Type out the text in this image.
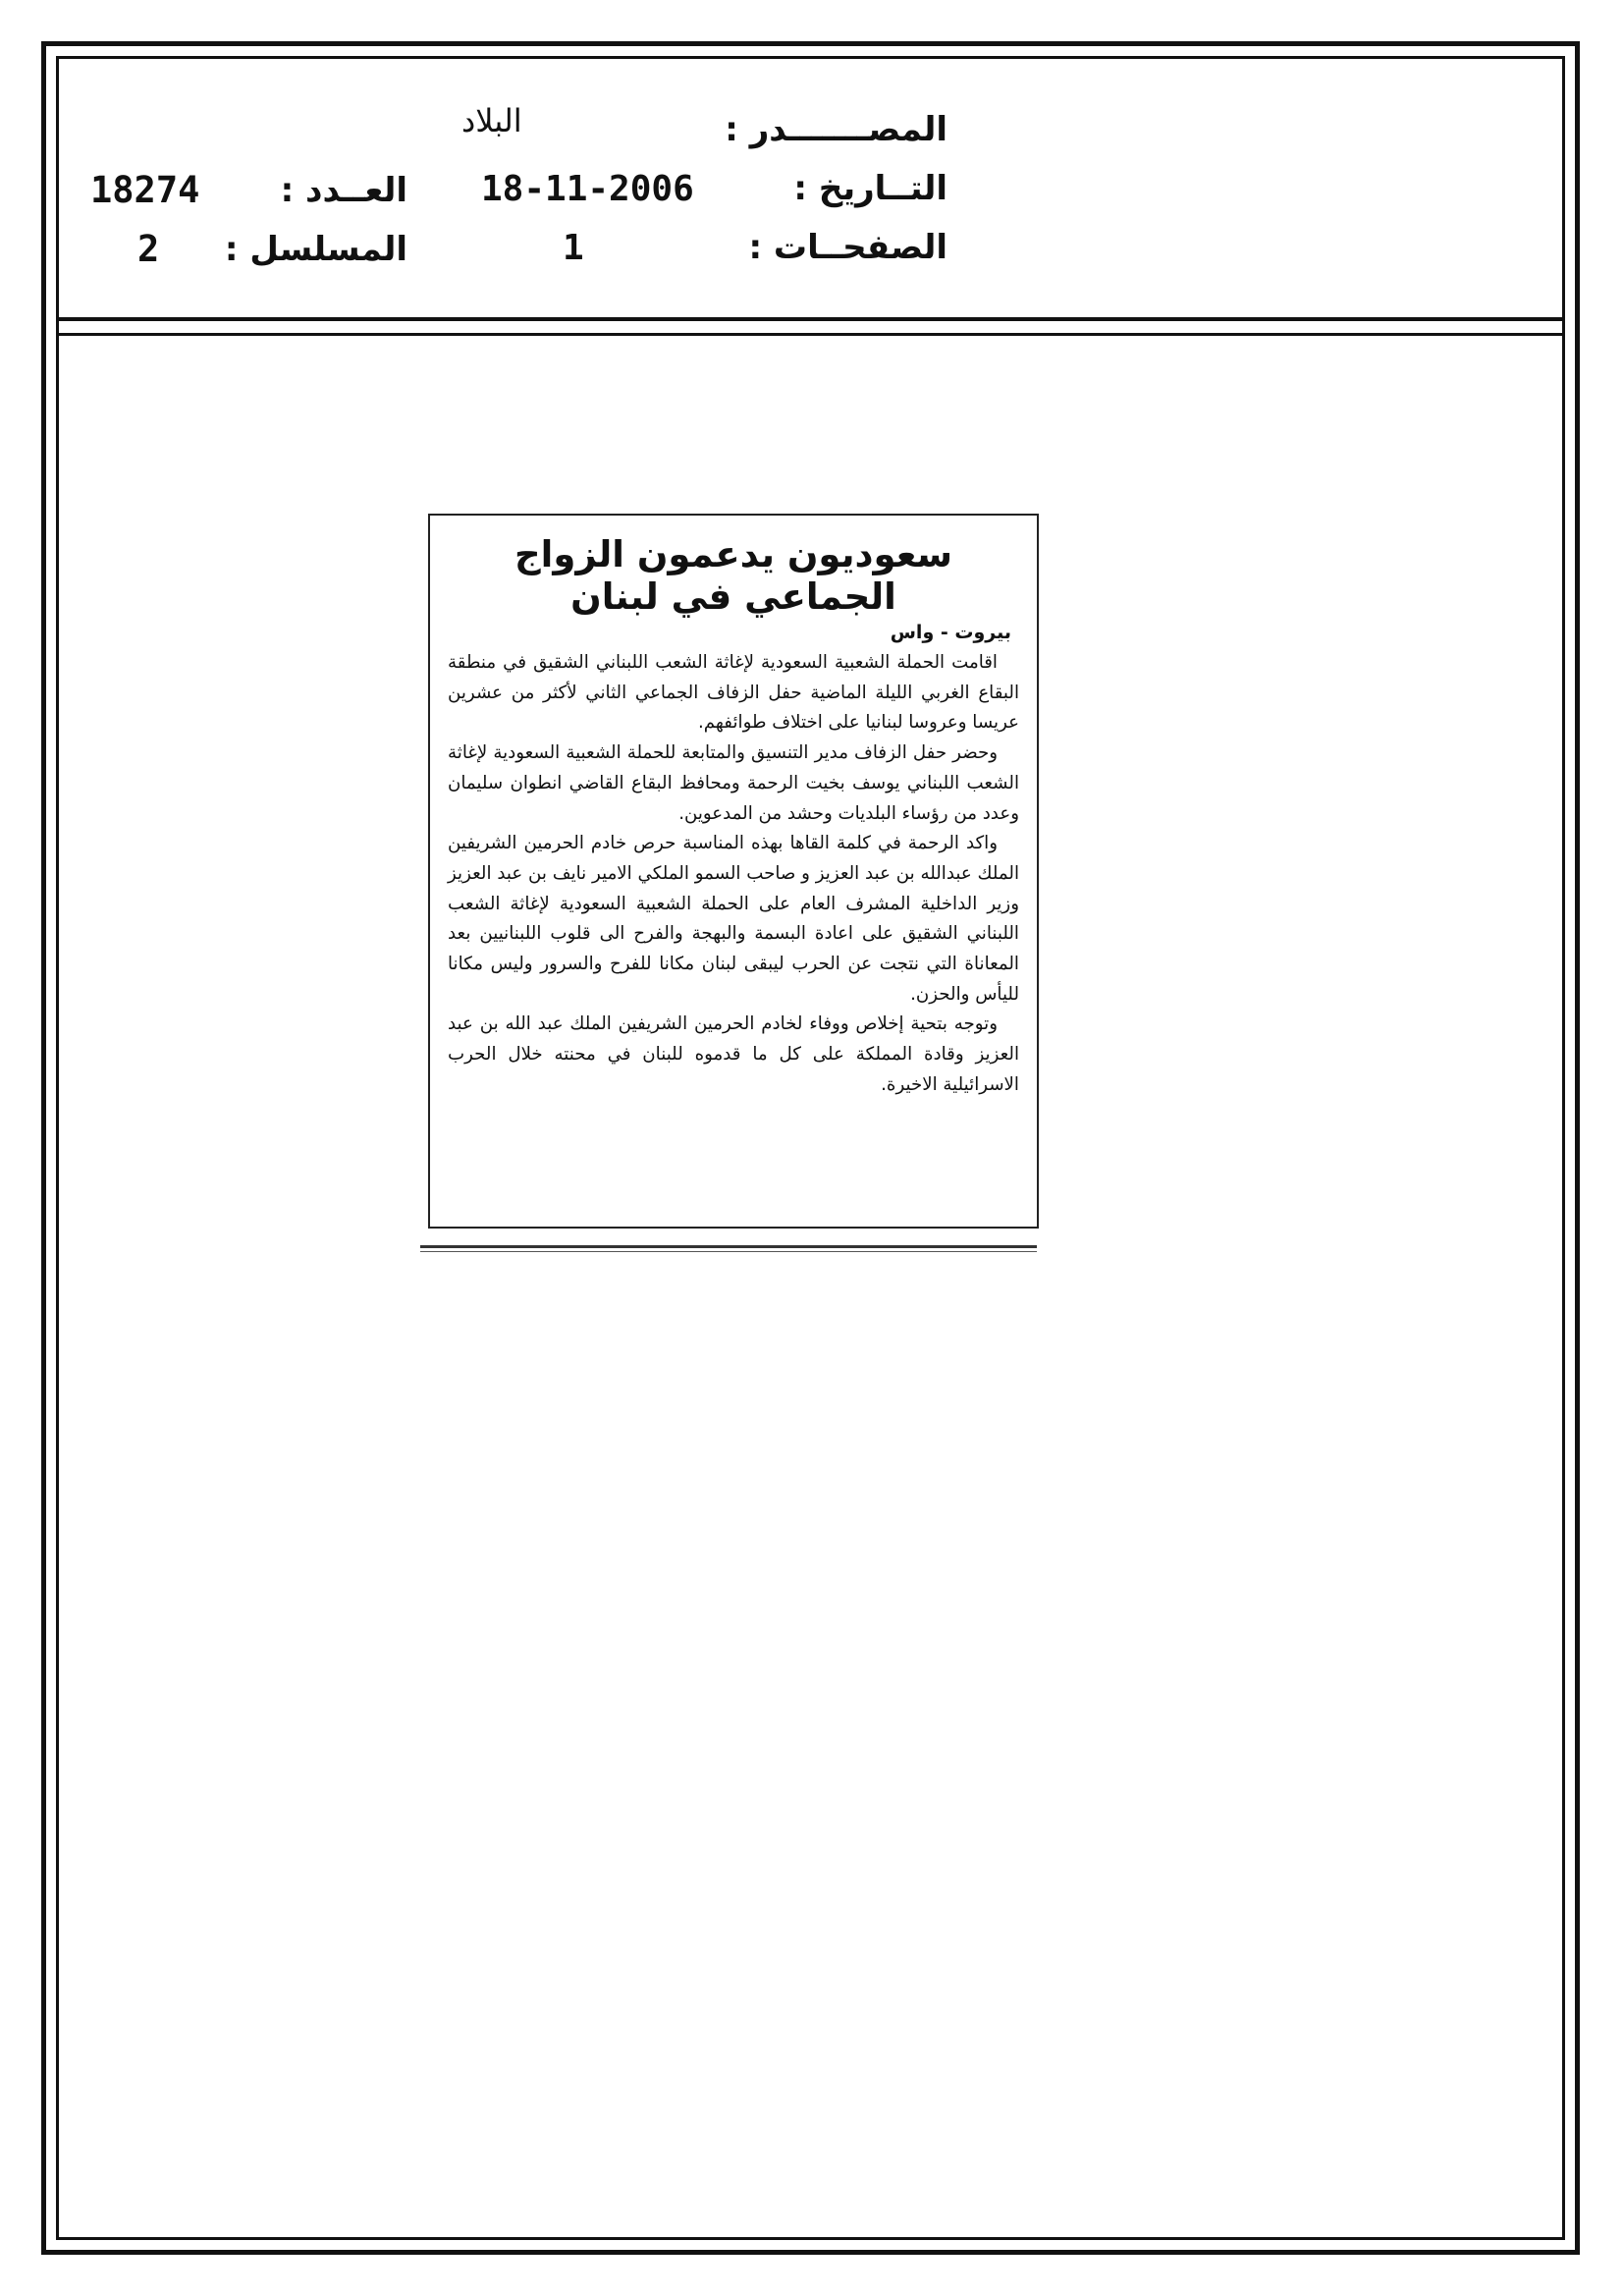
المصـــــــدر :
البلاد
التــاريخ :
18-11-2006
العــدد :
18274
الصفحــات :
1
المسلسل :
2
سعوديون يدعمون الزواج الجماعي في لبنان
بيروت - واس

اقامت الحملة الشعبية السعودية لإغاثة الشعب اللبناني الشقيق في منطقة البقاع الغربي الليلة الماضية حفل الزفاف الجماعي الثاني لأكثر من عشرين عريسا وعروسا لبنانيا على اختلاف طوائفهم.

وحضر حفل الزفاف مدير التنسيق والمتابعة للحملة الشعبية السعودية لإغاثة الشعب اللبناني يوسف بخيت الرحمة ومحافظ البقاع القاضي انطوان سليمان وعدد من رؤساء البلديات وحشد من المدعوين.

واكد الرحمة في كلمة القاها بهذه المناسبة حرص خادم الحرمين الشريفين الملك عبدالله بن عبد العزيز و صاحب السمو الملكي الامير نايف بن عبد العزيز وزير الداخلية المشرف العام على الحملة الشعبية السعودية لإغاثة الشعب اللبناني الشقيق على اعادة البسمة والبهجة والفرح الى قلوب اللبنانيين بعد المعاناة التي نتجت عن الحرب ليبقى لبنان مكانا للفرح والسرور وليس مكانا لليأس والحزن.

وتوجه بتحية إخلاص ووفاء لخادم الحرمين الشريفين الملك عبد الله بن عبد العزيز وقادة المملكة على كل ما قدموه للبنان في محنته خلال الحرب الاسرائيلية الاخيرة.
